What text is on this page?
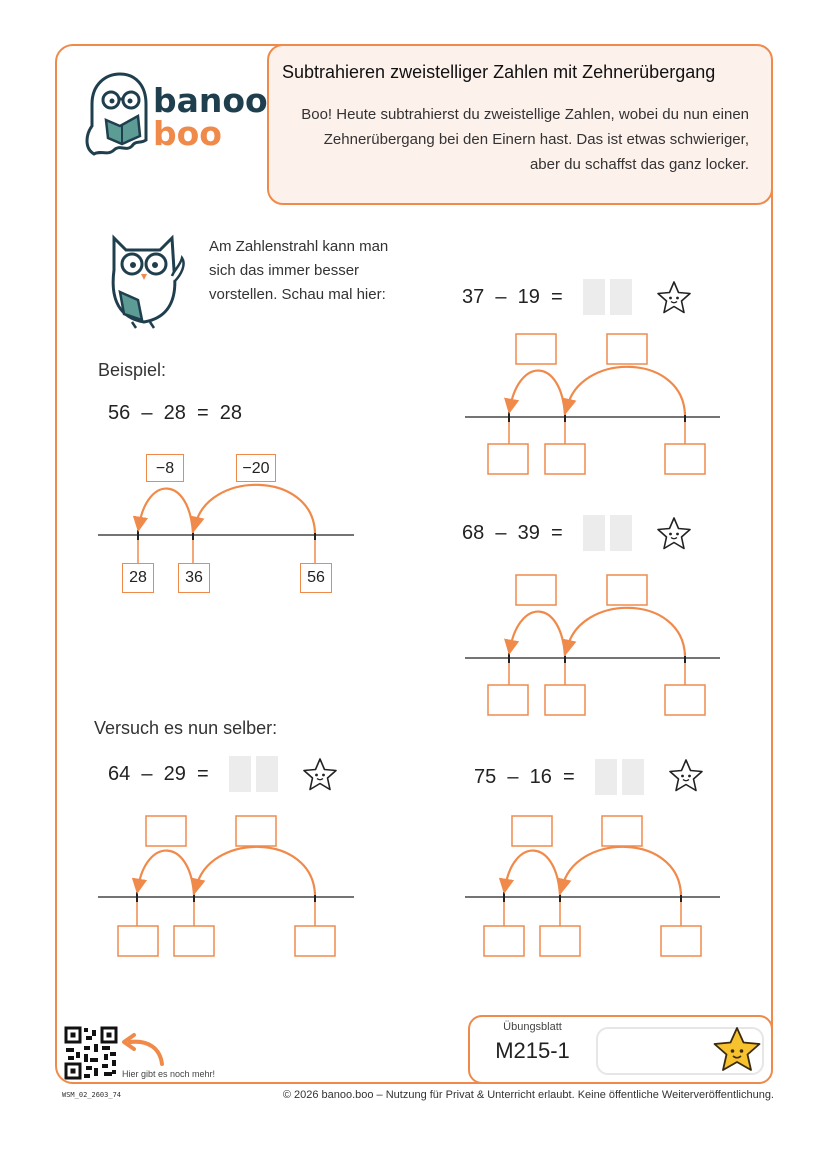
Subtrahieren zweistelliger Zahlen mit Zehnerübergang
Boo! Heute subtrahierst du zweistellige Zahlen, wobei du nun einen Zehnerübergang bei den Einern hast. Das ist etwas schwieriger, aber du schaffst das ganz locker.
banoo
boo
Am Zahlenstrahl kann man sich das immer besser vorstellen. Schau mal hier:
Beispiel:
56  –  28  =  28
−8	−20
28	36	56
Versuch es nun selber:
37  –  19  =
68  –  39  =
64  –  29  =	75  –  16  =
Hier gibt es noch mehr!
Übungsblatt
M215-1
WSM_02_2603_74	© 2026 banoo.boo – Nutzung für Privat & Unterricht erlaubt. Keine öffentliche Weiterveröffentlichung.
